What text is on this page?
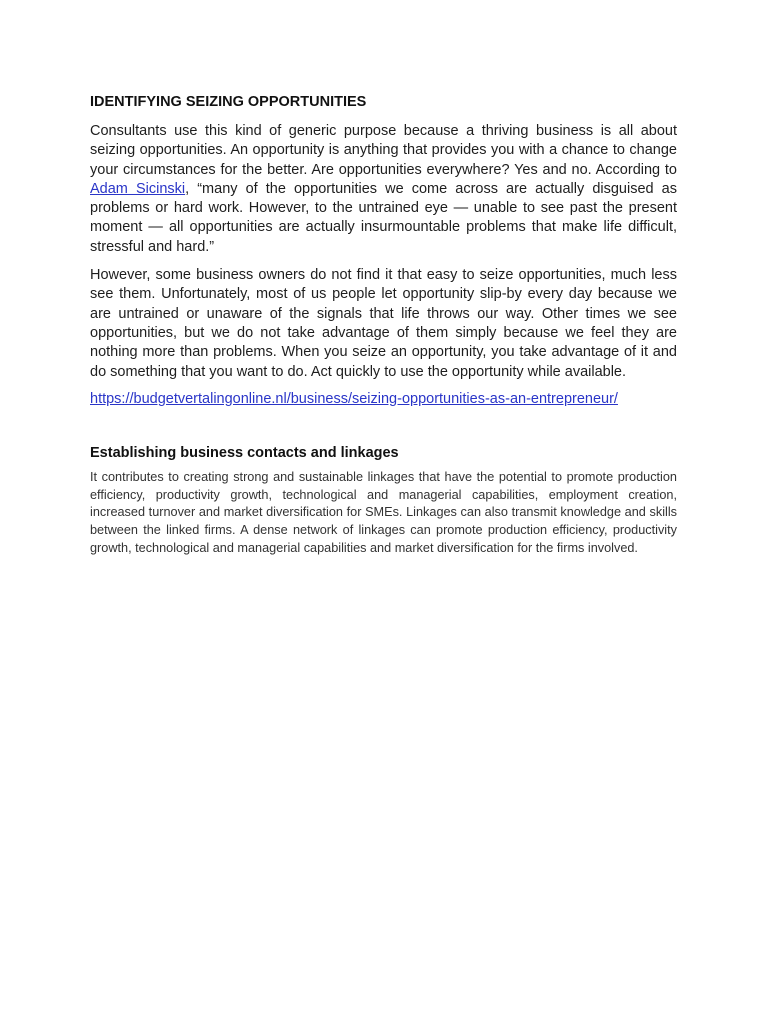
IDENTIFYING SEIZING OPPORTUNITIES

Consultants use this kind of generic purpose because a thriving business is all about seizing opportunities. An opportunity is anything that provides you with a chance to change your circumstances for the better. Are opportunities everywhere? Yes and no. According to Adam Sicinski, “many of the opportunities we come across are actually disguised as problems or hard work. However, to the untrained eye — unable to see past the present moment — all opportunities are actually insurmountable problems that make life difficult, stressful and hard.”

However, some business owners do not find it that easy to seize opportunities, much less see them. Unfortunately, most of us people let opportunity slip-by every day because we are untrained or unaware of the signals that life throws our way. Other times we see opportunities, but we do not take advantage of them simply because we feel they are nothing more than problems. When you seize an opportunity, you take advantage of it and do something that you want to do. Act quickly to use the opportunity while available.

https://budgetvertalingonline.nl/business/seizing-opportunities-as-an-entrepreneur/
Establishing business contacts and linkages

It contributes to creating strong and sustainable linkages that have the potential to promote production efficiency, productivity growth, technological and managerial capabilities, employment creation, increased turnover and market diversification for SMEs. Linkages can also transmit knowledge and skills between the linked firms. A dense network of linkages can promote production efficiency, productivity growth, technological and managerial capabilities and market diversification for the firms involved.
